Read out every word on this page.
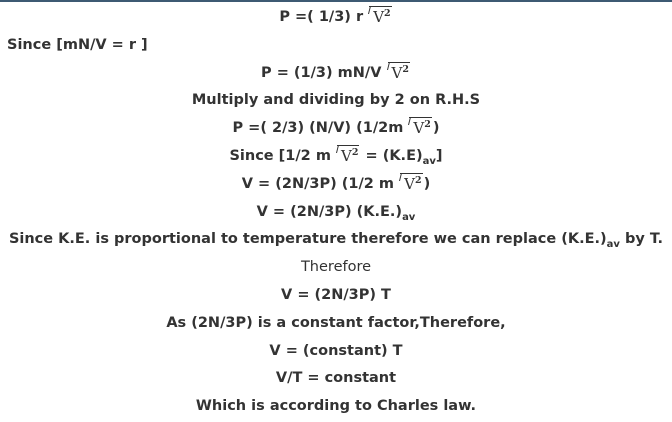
P =( 1/3) r $V^2$
Since [mN/V = r ]
P = (1/3) mN/V $V^2$
Multiply and dividing by 2 on R.H.S
P =( 2/3) (N/V) (1/2m $V^2$ )
Since [1/2 m $V^2 = (K.E)_{av}$]
V = (2N/3P) (1/2 m $V^2$ )
V = (2N/3P) $(K.E.)_{av}$
Since K.E. is proportional to temperature therefore we can replace $(K.E.)_{av}$ by T.
Therefore
V = (2N/3P) T
As (2N/3P) is a constant factor,Therefore,
V = (constant) T
V/T = constant
Which is according to Charles law.
